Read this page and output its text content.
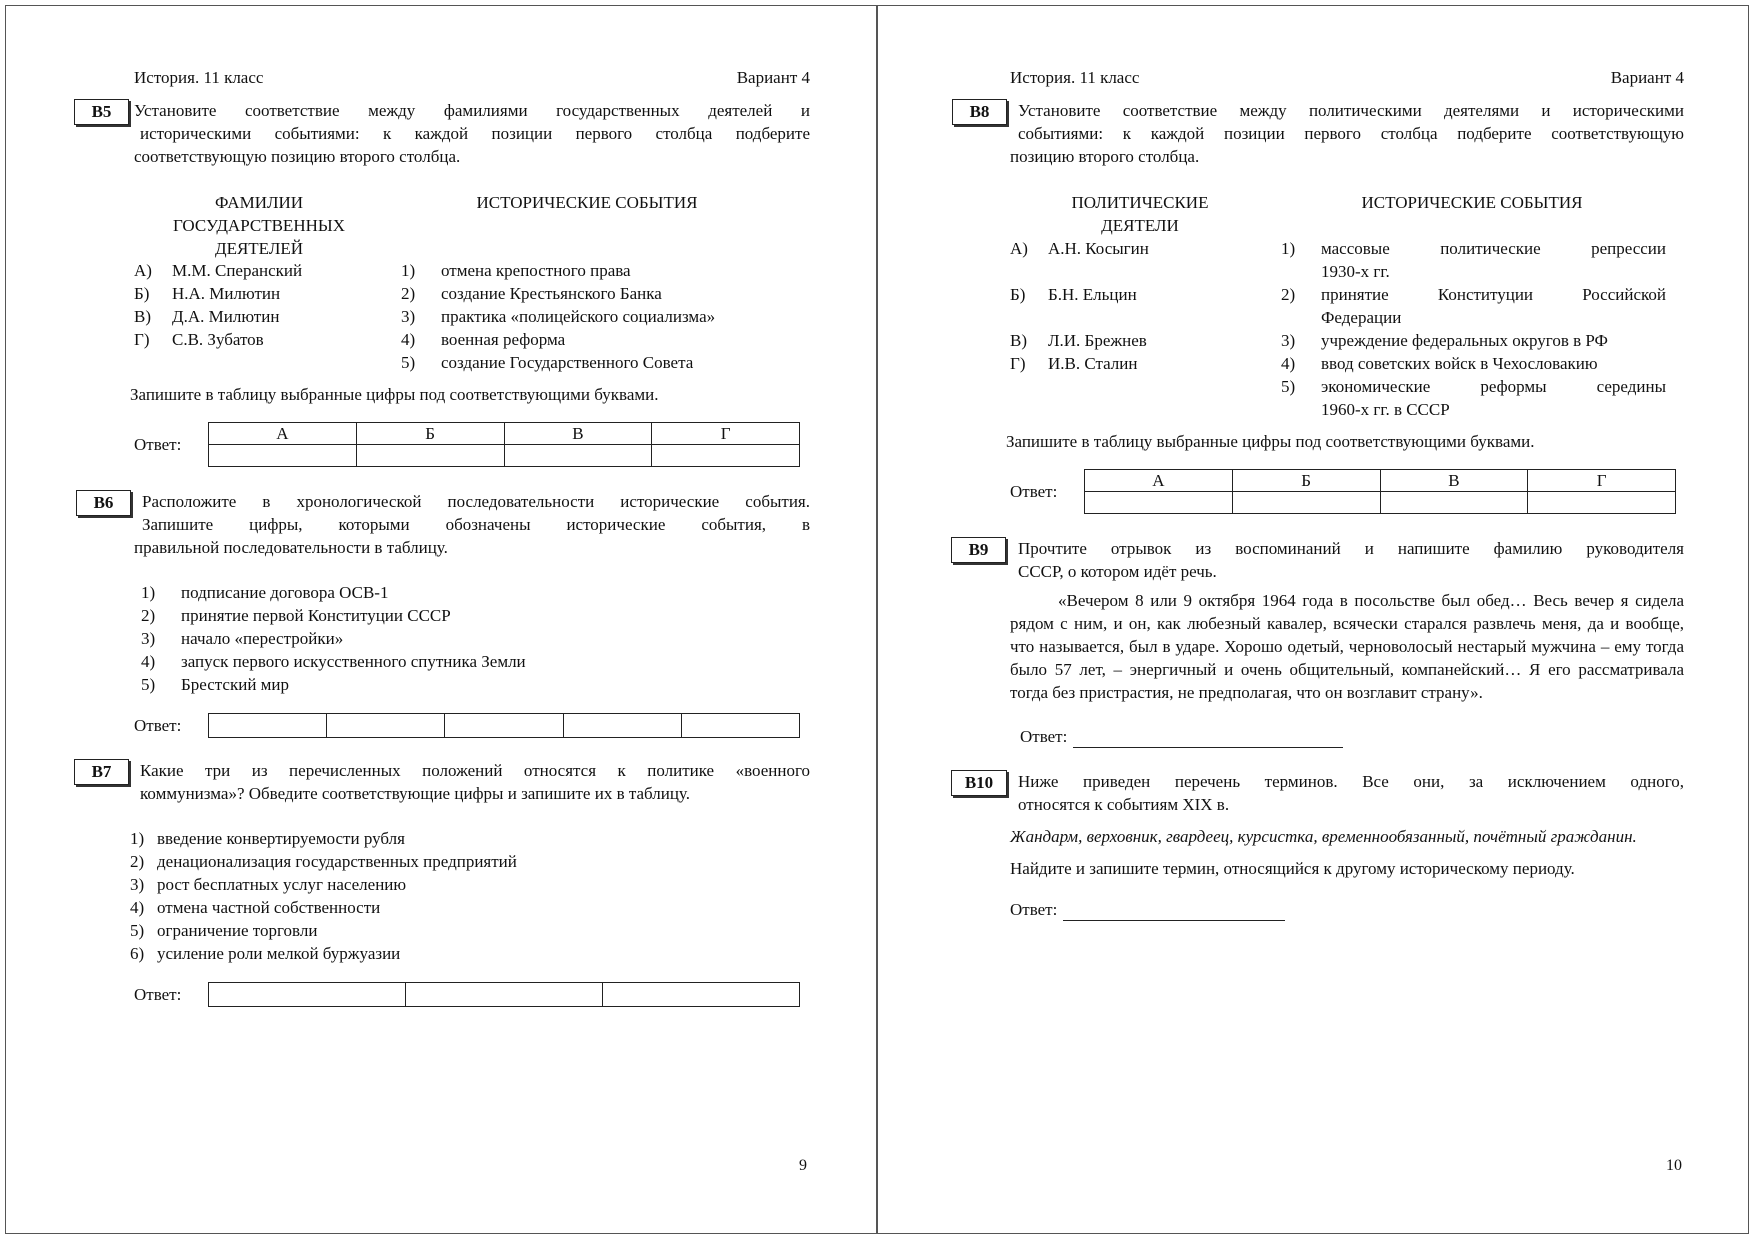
История. 11 класс	Вариант 4
B5	Установите соответствие между фамилиями государственных деятелей и
историческими событиями: к каждой позиции первого столбца подберите
соответствующую позицию второго столбца.
ФАМИЛИИ
ГОСУДАРСТВЕННЫХ
ДЕЯТЕЛЕЙ
ИСТОРИЧЕСКИЕ СОБЫТИЯ
А)	М.М. Сперанский
Б)	Н.А. Милютин
В)	Д.А. Милютин
Г)	С.В. Зубатов
1)	отмена крепостного права
2)	создание Крестьянского Банка
3)	практика «полицейского социализма»
4)	военная реформа
5)	создание Государственного Совета
Запишите в таблицу выбранные цифры под соответствующими буквами.
Ответ:
А	Б	В	Г

B6	Расположите в хронологической последовательности исторические события.
Запишите цифры, которыми обозначены исторические события, в
правильной последовательности в таблицу.
1)	подписание договора ОСВ-1
2)	принятие первой Конституции СССР
3)	начало «перестройки»
4)	запуск первого искусственного спутника Земли
5)	Брестский мир
Ответ:

B7	Какие три из перечисленных положений относятся к политике «военного
коммунизма»? Обведите соответствующие цифры и запишите их в таблицу.
1) введение конвертируемости рубля
2) денационализация государственных предприятий
3) рост бесплатных услуг населению
4) отмена частной собственности
5) ограничение торговли
6) усиление роли мелкой буржуазии
Ответ:

9
История. 11 класс	Вариант 4
B8	Установите соответствие между политическими деятелями и историческими
событиями: к каждой позиции первого столбца подберите соответствующую
позицию второго столбца.
ПОЛИТИЧЕСКИЕ
ДЕЯТЕЛИ
ИСТОРИЧЕСКИЕ СОБЫТИЯ
А)	А.Н. Косыгин
Б)	Б.Н. Ельцин
В)	Л.И. Брежнев
Г)	И.В. Сталин
1)	массовые политические репрессии
1930-х гг.
2)	принятие Конституции Российской
Федерации
3)	учреждение федеральных округов в РФ
4)	ввод советских войск в Чехословакию
5)	экономические реформы середины
1960-х гг. в СССР
Запишите в таблицу выбранные цифры под соответствующими буквами.
Ответ:
А	Б	В	Г

B9	Прочтите отрывок из воспоминаний и напишите фамилию руководителя
СССР, о котором идёт речь.
«Вечером 8 или 9 октября 1964 года в посольстве был обед… Весь вечер я сидела рядом с ним, и он, как любезный кавалер, всячески старался развлечь меня, да и вообще, что называется, был в ударе. Хорошо одетый, черноволосый нестарый мужчина – ему тогда было 57 лет, – энергичный и очень общительный, компанейский… Я его рассматривала тогда без пристрастия, не предполагая, что он возглавит страну».
Ответ:
B10	Ниже приведен перечень терминов. Все они, за исключением одного,
относятся к событиям XIX в.
Жандарм, верховник, гвардеец, курсистка, временнообязанный, почётный гражданин.
Найдите и запишите термин, относящийся к другому историческому периоду.
Ответ:
10
